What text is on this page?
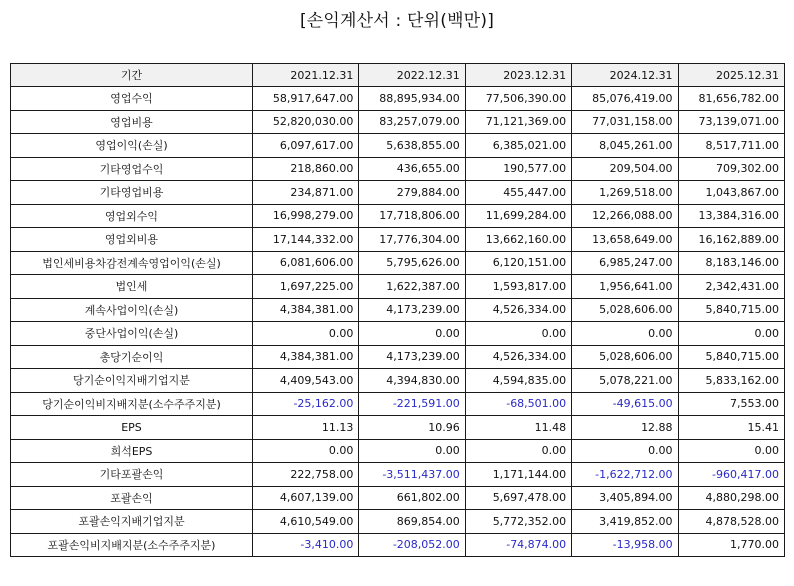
[손익계산서 : 단위(백만)]
기간	2021.12.31	2022.12.31	2023.12.31	2024.12.31	2025.12.31
영업수익	58,917,647.00	88,895,934.00	77,506,390.00	85,076,419.00	81,656,782.00
영업비용	52,820,030.00	83,257,079.00	71,121,369.00	77,031,158.00	73,139,071.00
영업이익(손실)	6,097,617.00	5,638,855.00	6,385,021.00	8,045,261.00	8,517,711.00
기타영업수익	218,860.00	436,655.00	190,577.00	209,504.00	709,302.00
기타영업비용	234,871.00	279,884.00	455,447.00	1,269,518.00	1,043,867.00
영업외수익	16,998,279.00	17,718,806.00	11,699,284.00	12,266,088.00	13,384,316.00
영업외비용	17,144,332.00	17,776,304.00	13,662,160.00	13,658,649.00	16,162,889.00
법인세비용차감전계속영업이익(손실)	6,081,606.00	5,795,626.00	6,120,151.00	6,985,247.00	8,183,146.00
법인세	1,697,225.00	1,622,387.00	1,593,817.00	1,956,641.00	2,342,431.00
계속사업이익(손실)	4,384,381.00	4,173,239.00	4,526,334.00	5,028,606.00	5,840,715.00
중단사업이익(손실)	0.00	0.00	0.00	0.00	0.00
총당기순이익	4,384,381.00	4,173,239.00	4,526,334.00	5,028,606.00	5,840,715.00
당기순이익지배기업지분	4,409,543.00	4,394,830.00	4,594,835.00	5,078,221.00	5,833,162.00
당기순이익비지배지분(소수주주지분)	-25,162.00	-221,591.00	-68,501.00	-49,615.00	7,553.00
EPS	11.13	10.96	11.48	12.88	15.41
희석EPS	0.00	0.00	0.00	0.00	0.00
기타포괄손익	222,758.00	-3,511,437.00	1,171,144.00	-1,622,712.00	-960,417.00
포괄손익	4,607,139.00	661,802.00	5,697,478.00	3,405,894.00	4,880,298.00
포괄손익지배기업지분	4,610,549.00	869,854.00	5,772,352.00	3,419,852.00	4,878,528.00
포괄손익비지배지분(소수주주지분)	-3,410.00	-208,052.00	-74,874.00	-13,958.00	1,770.00
